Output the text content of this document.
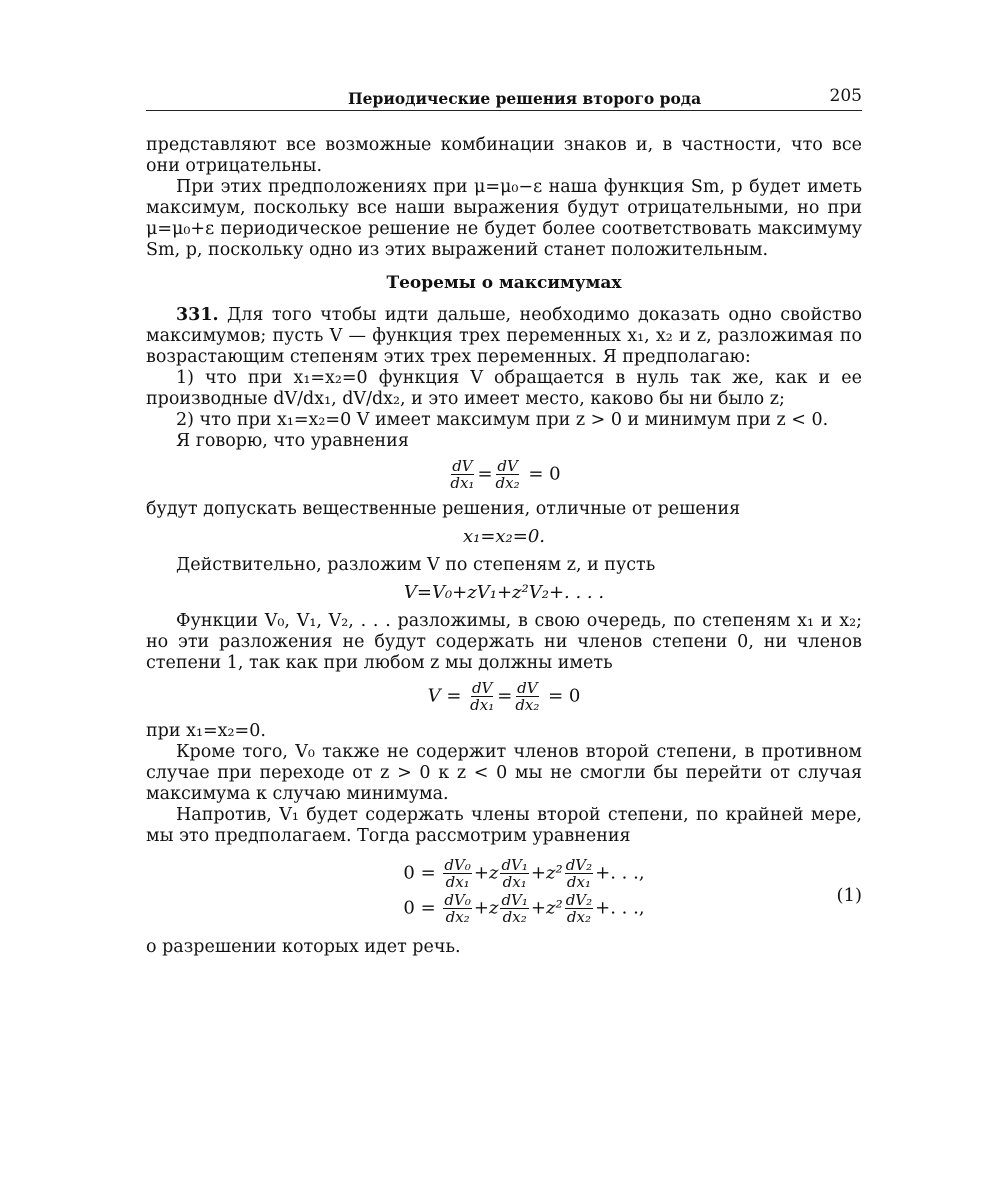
Периодические решения второго рода	205

представляют все возможные комбинации знаков и, в частности, что все они отрицательны.

При этих предположениях при μ=μ₀−ε наша функция Sm, p будет иметь максимум, поскольку все наши выражения будут отрицательными, но при μ=μ₀+ε периодическое решение не будет более соответствовать максимуму Sm, p, поскольку одно из этих выражений станет положительным.

Теоремы о максимумах

331. Для того чтобы идти дальше, необходимо доказать одно свойство максимумов; пусть V — функция трех переменных x₁, x₂ и z, разложимая по возрастающим степеням этих трех переменных. Я предполагаю:

1) что при x₁=x₂=0 функция V обращается в нуль так же, как и ее производные dV/dx₁, dV/dx₂, и это имеет место, каково бы ни было z;

2) что при x₁=x₂=0 V имеет максимум при z > 0 и минимум при z < 0.

Я говорю, что уравнения

$\frac{dV}{\text{dx₁}} = \frac{dV}{\text{dx₂}} = 0$

будут допускать вещественные решения, отличные от решения

x₁=x₂=0.

Действительно, разложим V по степеням z, и пусть

V=V₀+zV₁+z²V₂+. . . .

Функции V₀, V₁, V₂, . . . разложимы, в свою очередь, по степеням x₁ и x₂; но эти разложения не будут содержать ни членов степени 0, ни членов степени 1, так как при любом z мы должны иметь

$V = \frac{dV}{\text{dx₁}} = \frac{dV}{\text{dx₂}} = 0$

при x₁=x₂=0.

Кроме того, V₀ также не содержит членов второй степени, в противном случае при переходе от z > 0 к z < 0 мы не смогли бы перейти от случая максимума к случаю минимума.

Напротив, V₁ будет содержать члены второй степени, по крайней мере, мы это предполагаем. Тогда рассмотрим уравнения

$0 = \frac{\text{dV₀}}{\text{dx₁}} +z \frac{\text{dV₁}}{\text{dx₁}} +z^2 \frac{\text{dV₂}}{\text{dx₁}}$ +. . .,
$0 = \frac{\text{dV₀}}{\text{dx₂}} +z \frac{\text{dV₁}}{\text{dx₂}} +z^2 \frac{\text{dV₂}}{\text{dx₂}}$ +. . .,
(1)

о разрешении которых идет речь.
